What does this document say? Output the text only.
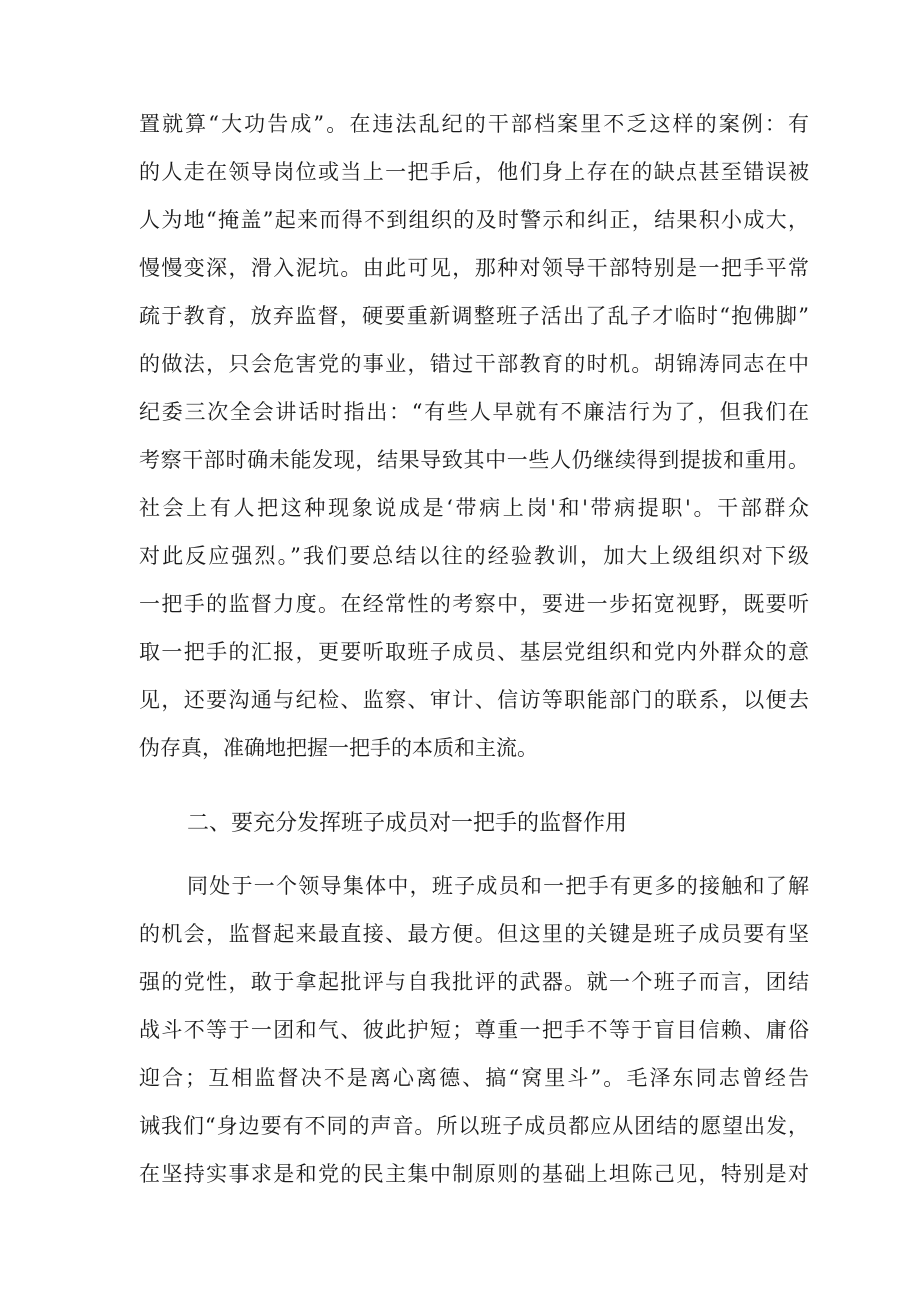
置就算“大功告成”。在违法乱纪的干部档案里不乏这样的案例：有
的人走在领导岗位或当上一把手后，他们身上存在的缺点甚至错误被
人为地“掩盖”起来而得不到组织的及时警示和纠正，结果积小成大，
慢慢变深，滑入泥坑。由此可见，那种对领导干部特别是一把手平常
疏于教育，放弃监督，硬要重新调整班子活出了乱子才临时“抱佛脚”
的做法，只会危害党的事业，错过干部教育的时机。胡锦涛同志在中
纪委三次全会讲话时指出：“有些人早就有不廉洁行为了，但我们在
考察干部时确未能发现，结果导致其中一些人仍继续得到提拔和重用。
社会上有人把这种现象说成是‘带病上岗'和'带病提职'。干部群众
对此反应强烈。”我们要总结以往的经验教训，加大上级组织对下级
一把手的监督力度。在经常性的考察中，要进一步拓宽视野，既要听
取一把手的汇报，更要听取班子成员、基层党组织和党内外群众的意
见，还要沟通与纪检、监察、审计、信访等职能部门的联系，以便去
伪存真，准确地把握一把手的本质和主流。
二、要充分发挥班子成员对一把手的监督作用
同处于一个领导集体中，班子成员和一把手有更多的接触和了解
的机会，监督起来最直接、最方便。但这里的关键是班子成员要有坚
强的党性，敢于拿起批评与自我批评的武器。就一个班子而言，团结
战斗不等于一团和气、彼此护短；尊重一把手不等于盲目信赖、庸俗
迎合；互相监督决不是离心离德、搞“窝里斗”。毛泽东同志曾经告
诫我们“身边要有不同的声音。所以班子成员都应从团结的愿望出发，
在坚持实事求是和党的民主集中制原则的基础上坦陈己见，特别是对
